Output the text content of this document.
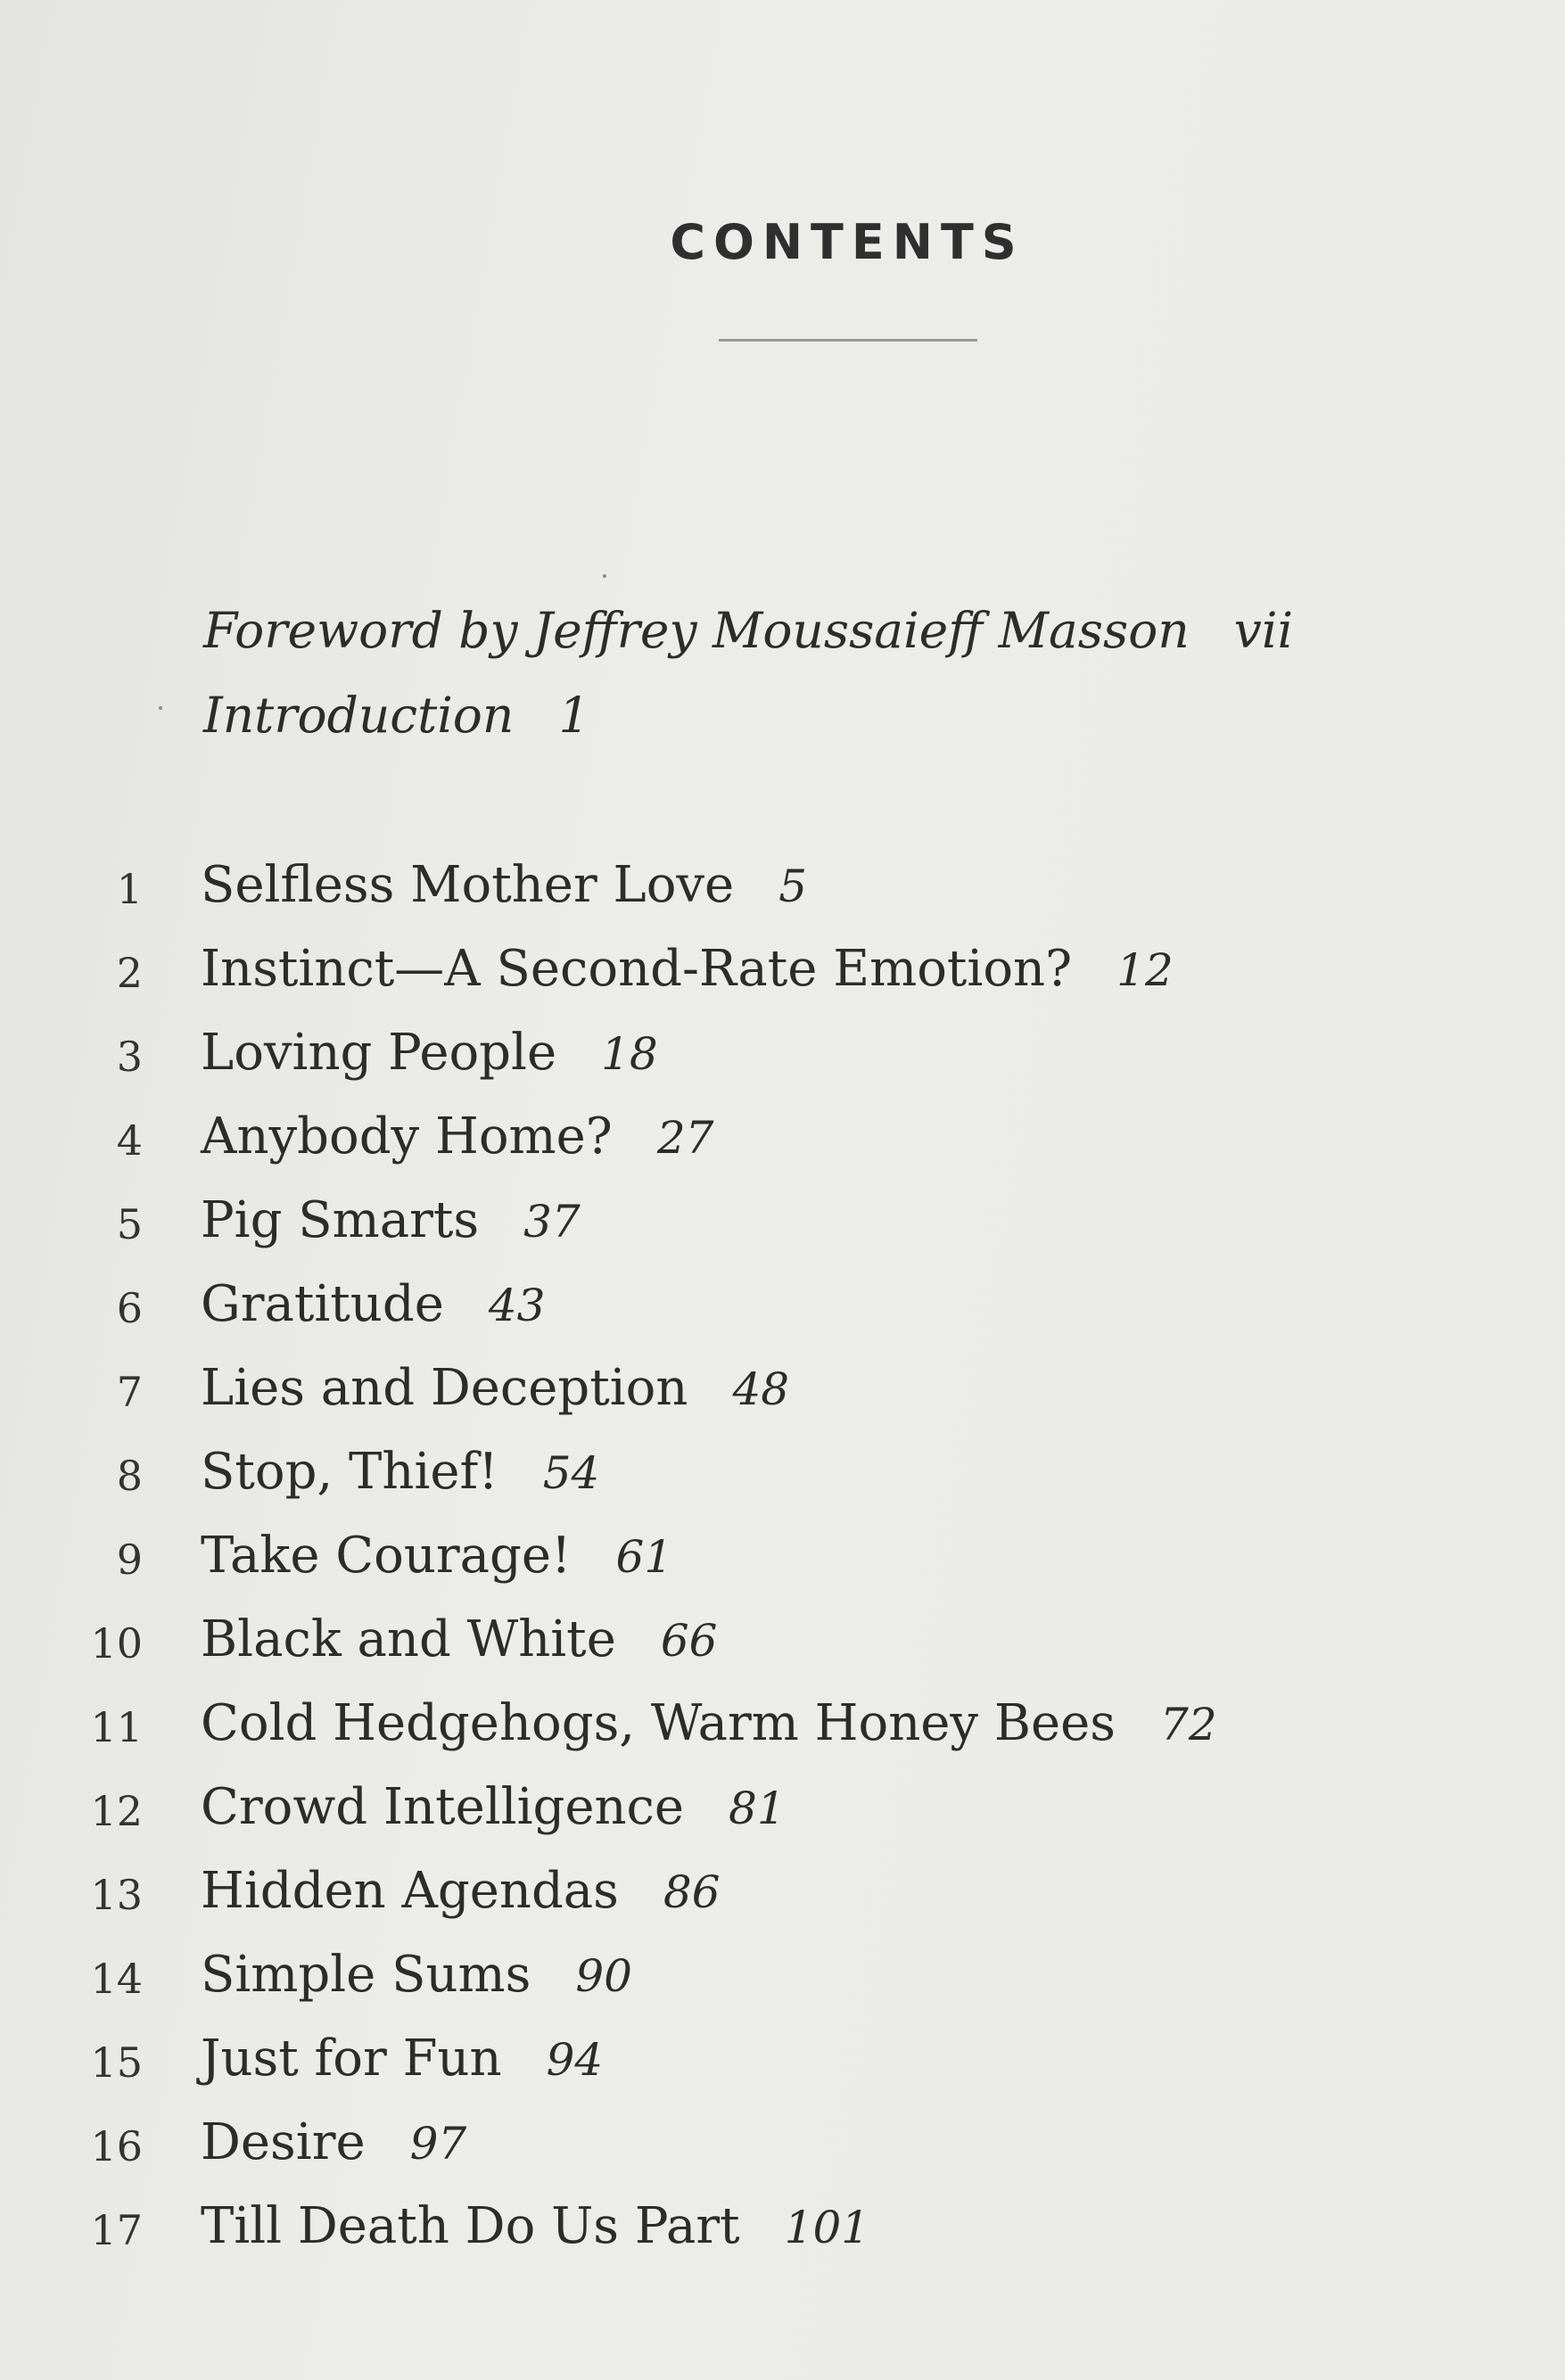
CONTENTS
Foreword by Jeffrey Moussaieff Masson vii
Introduction 1
1 Selfless Mother Love 5
2 Instinct—A Second-Rate Emotion? 12
3 Loving People 18
4 Anybody Home? 27
5 Pig Smarts 37
6 Gratitude 43
7 Lies and Deception 48
8 Stop, Thief! 54
9 Take Courage! 61
10 Black and White 66
11 Cold Hedgehogs, Warm Honey Bees 72
12 Crowd Intelligence 81
13 Hidden Agendas 86
14 Simple Sums 90
15 Just for Fun 94
16 Desire 97
17 Till Death Do Us Part 101
